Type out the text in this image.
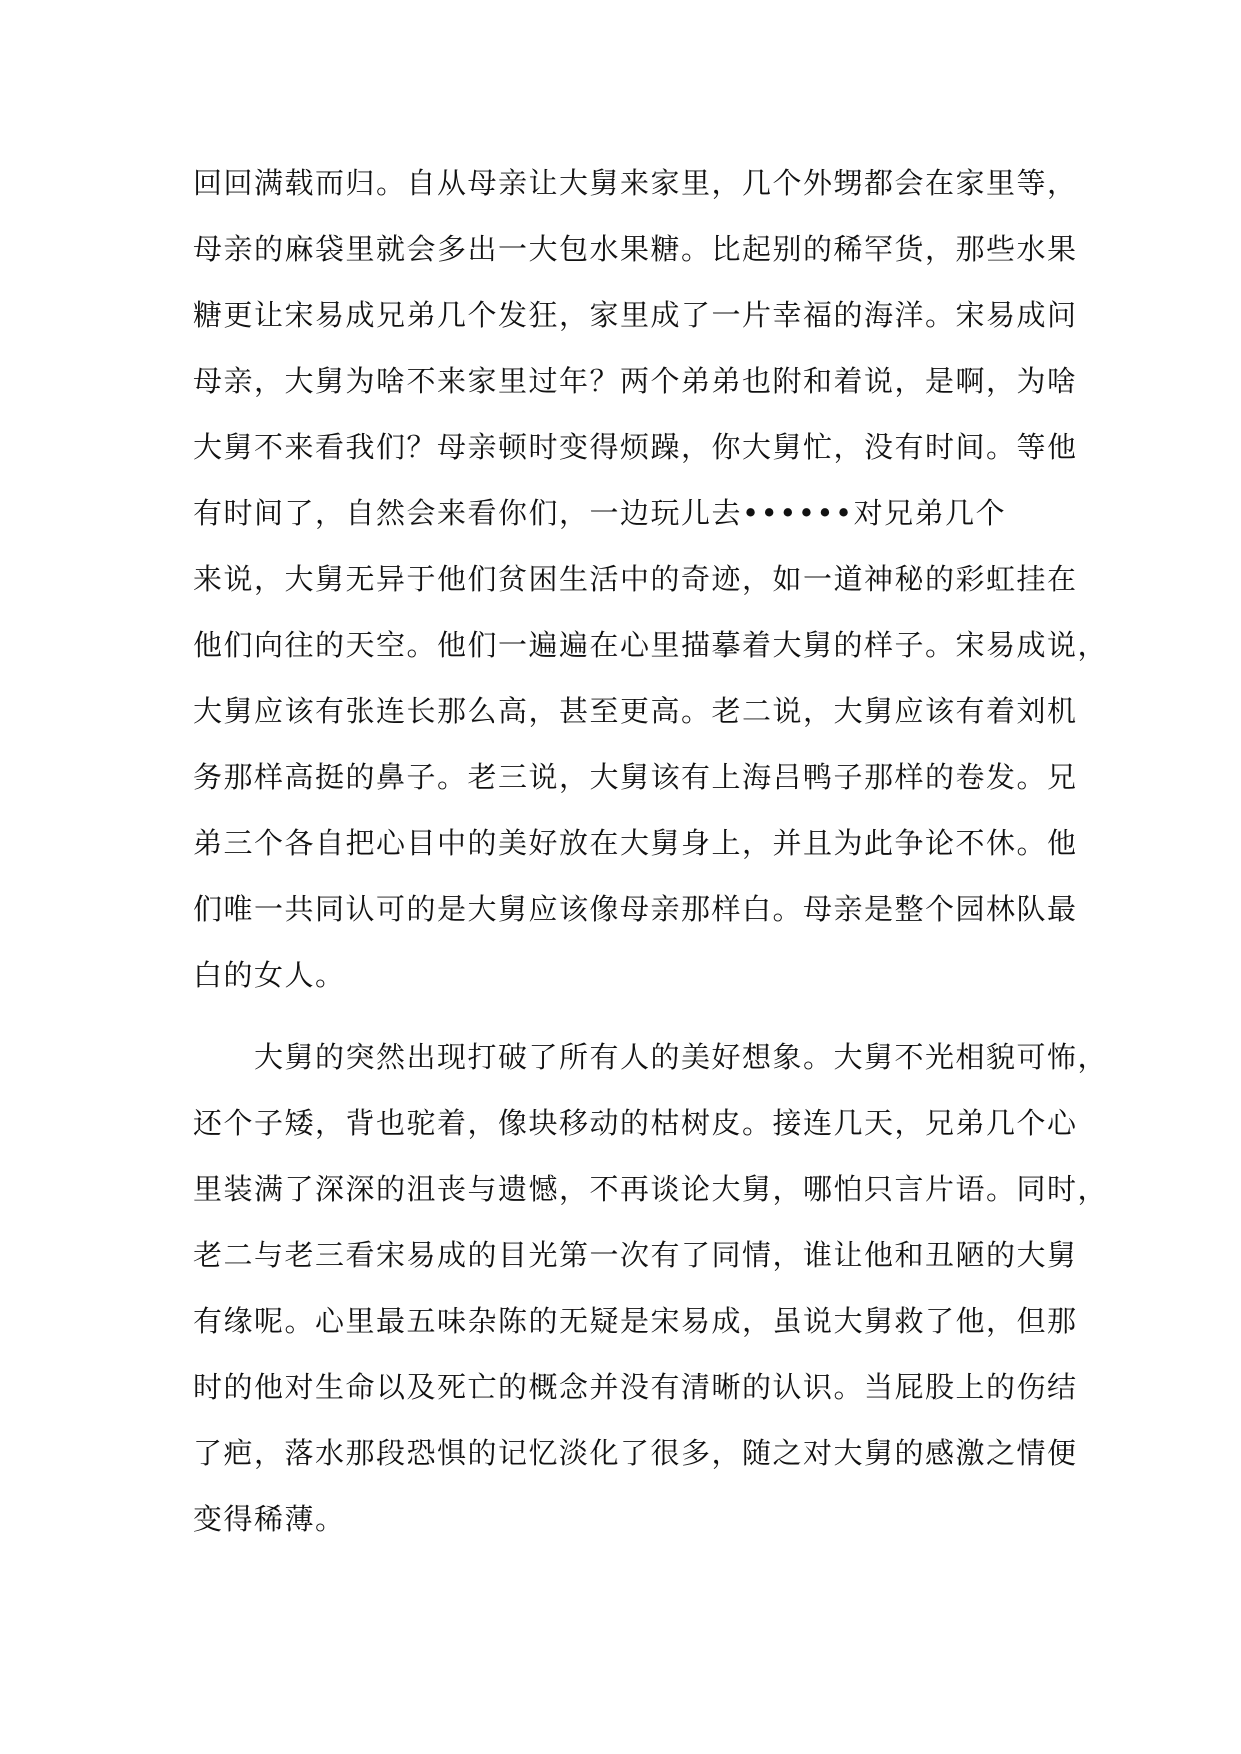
回回满载而归。自从母亲让大舅来家里，几个外甥都会在家里等，
母亲的麻袋里就会多出一大包水果糖。比起别的稀罕货，那些水果
糖更让宋易成兄弟几个发狂，家里成了一片幸福的海洋。宋易成问
母亲，大舅为啥不来家里过年？两个弟弟也附和着说，是啊，为啥
大舅不来看我们？母亲顿时变得烦躁，你大舅忙，没有时间。等他
有时间了，自然会来看你们，一边玩儿去••••••对兄弟几个
来说，大舅无异于他们贫困生活中的奇迹，如一道神秘的彩虹挂在
他们向往的天空。他们一遍遍在心里描摹着大舅的样子。宋易成说，
大舅应该有张连长那么高，甚至更高。老二说，大舅应该有着刘机
务那样高挺的鼻子。老三说，大舅该有上海吕鸭子那样的卷发。兄
弟三个各自把心目中的美好放在大舅身上，并且为此争论不休。他
们唯一共同认可的是大舅应该像母亲那样白。母亲是整个园林队最
白的女人。
　　大舅的突然出现打破了所有人的美好想象。大舅不光相貌可怖，
还个子矮，背也驼着，像块移动的枯树皮。接连几天，兄弟几个心
里装满了深深的沮丧与遗憾，不再谈论大舅，哪怕只言片语。同时，
老二与老三看宋易成的目光第一次有了同情，谁让他和丑陋的大舅
有缘呢。心里最五味杂陈的无疑是宋易成，虽说大舅救了他，但那
时的他对生命以及死亡的概念并没有清晰的认识。当屁股上的伤结
了疤，落水那段恐惧的记忆淡化了很多，随之对大舅的感激之情便
变得稀薄。
